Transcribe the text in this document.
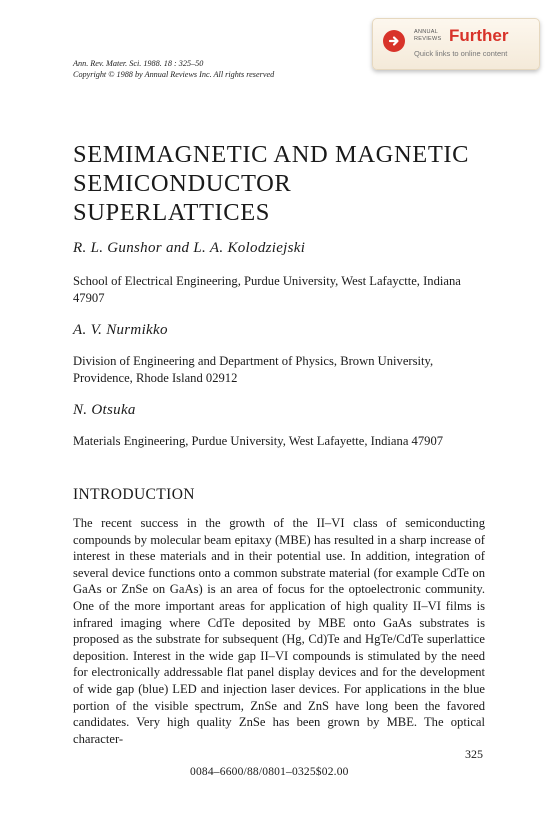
Ann. Rev. Mater. Sci. 1988. 18 : 325–50
Copyright © 1988 by Annual Reviews Inc. All rights reserved
ANNUAL REVIEWS Further
Quick links to online content
SEMIMAGNETIC AND MAGNETIC SEMICONDUCTOR SUPERLATTICES
R. L. Gunshor and L. A. Kolodziejski
School of Electrical Engineering, Purdue University, West Lafayctte, Indiana 47907
A. V. Nurmikko
Division of Engineering and Department of Physics, Brown University, Providence, Rhode Island 02912
N. Otsuka
Materials Engineering, Purdue University, West Lafayette, Indiana 47907
INTRODUCTION

The recent success in the growth of the II–VI class of semiconducting compounds by molecular beam epitaxy (MBE) has resulted in a sharp increase of interest in these materials and in their potential use. In addition, integration of several device functions onto a common substrate material (for example CdTe on GaAs or ZnSe on GaAs) is an area of focus for the optoelectronic community. One of the more important areas for application of high quality II–VI films is infrared imaging where CdTe deposited by MBE onto GaAs substrates is proposed as the substrate for subsequent (Hg, Cd)Te and HgTe/CdTe superlattice deposition. Interest in the wide gap II–VI compounds is stimulated by the need for electronically addressable flat panel display devices and for the development of wide gap (blue) LED and injection laser devices. For applications in the blue portion of the visible spectrum, ZnSe and ZnS have long been the favored candidates. Very high quality ZnSe has been grown by MBE. The optical character-

325
0084–6600/88/0801–0325$02.00
